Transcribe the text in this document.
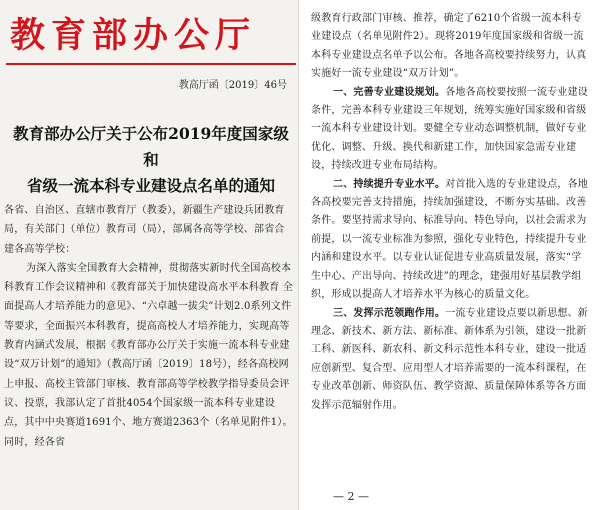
教育部办公厅
教高厅函〔2019〕46号
教育部办公厅关于公布2019年度国家级和
省级一流本科专业建设点名单的通知

各省、自治区、直辖市教育厅（教委），新疆生产建设兵团教育局，有关部门（单位）教育司（局），部属各高等学校、部省合建各高等学校：

为深入落实全国教育大会精神，贯彻落实新时代全国高校本科教育工作会议精神和《教育部关于加快建设高水平本科教育 全面提高人才培养能力的意见》、“六卓越一拔尖”计划2.0系列文件等要求，全面振兴本科教育，提高高校人才培养能力，实现高等教育内涵式发展，根据《教育部办公厅关于实施一流本科专业建设“双万计划”的通知》（教高厅函〔2019〕18号），经各高校网上申报、高校主管部门审核、教育部高等学校教学指导委员会评议、投票，我部认定了首批4054个国家级一流本科专业建设点，其中中央赛道1691个、地方赛道2363个（名单见附件1）。同时，经各省

级教育行政部门审核、推荐，确定了6210个省级一流本科专业建设点（名单见附件2）。现将2019年度国家级和省级一流本科专业建设点名单予以公布。各地各高校要持续努力，认真实施好一流专业建设“双万计划”。

一、完善专业建设规划。各地各高校要按照一流专业建设条件，完善本科专业建设三年规划，统筹实施好国家级和省级一流本科专业建设计划。要健全专业动态调整机制，做好专业优化、调整、升级、换代和新建工作，加快国家急需专业建设，持续改进专业布局结构。

二、持续提升专业水平。对首批入选的专业建设点，各地各高校要完善支持措施，持续加强建设，不断夯实基础、改善条件。要坚持需求导向、标准导向、特色导向，以社会需求为前提，以一流专业标准为参照，强化专业特色，持续提升专业内涵和建设水平。以专业认证促进专业高质量发展，落实“学生中心、产出导向、持续改进”的理念，建强用好基层教学组织，形成以提高人才培养水平为核心的质量文化。

三、发挥示范领跑作用。一流专业建设点要以新思想、新理念、新技术、新方法、新标准、新体系为引领，建设一批新工科、新医科、新农科、新文科示范性本科专业，建设一批适应创新型、复合型、应用型人才培养需要的一流本科课程，在专业改革创新、师资队伍、教学资源、质量保障体系等各方面发挥示范辐射作用。

— 2 —
